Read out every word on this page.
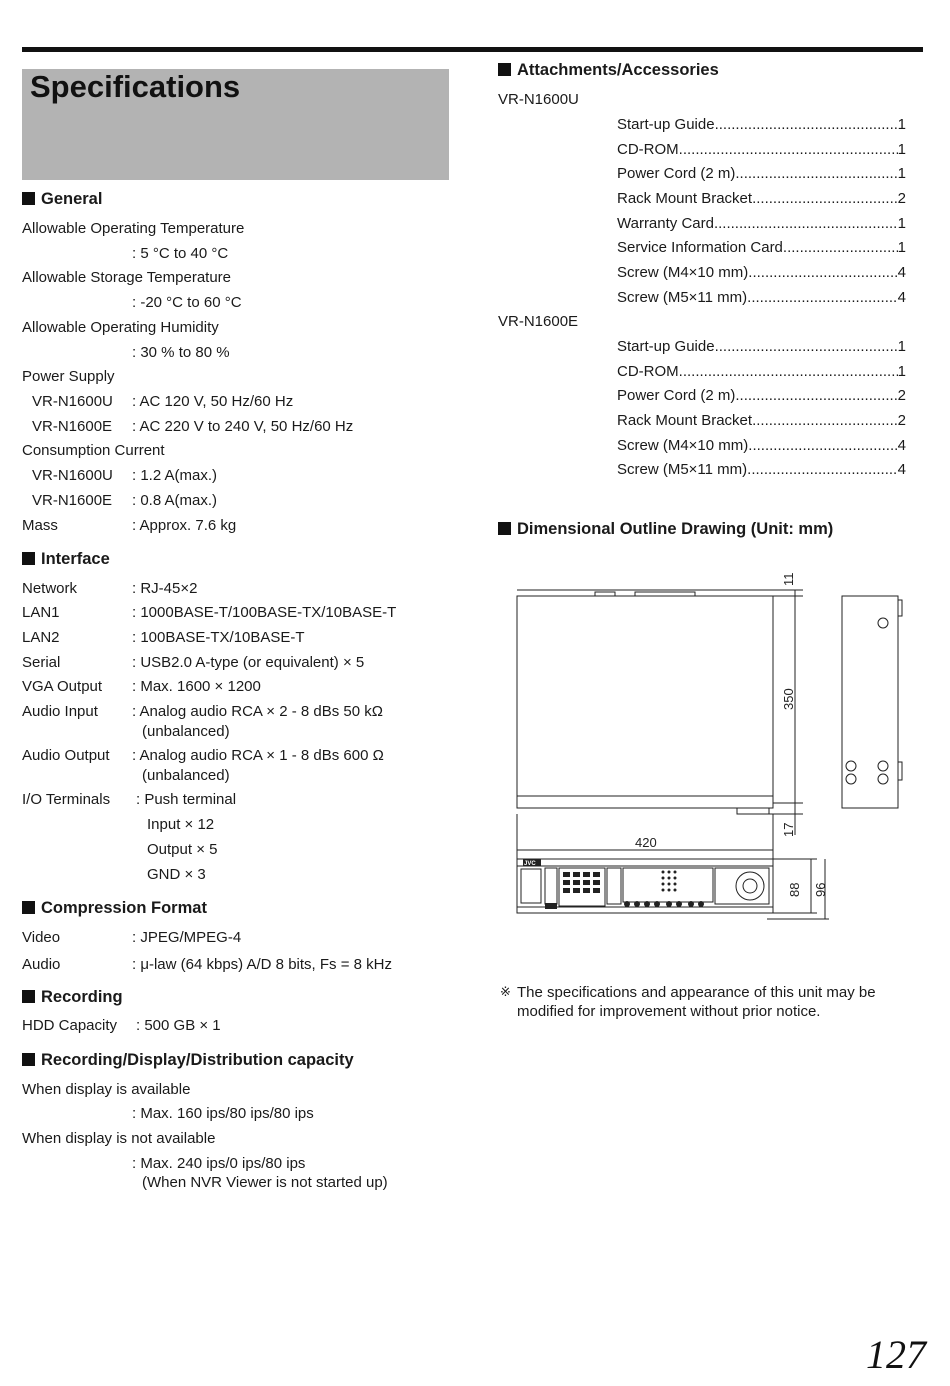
Specifications
General
Allowable Operating Temperature
: 5 °C to 40 °C
Allowable Storage Temperature
: -20 °C to 60 °C
Allowable Operating Humidity
: 30 % to 80 %
Power Supply
VR-N1600U : AC 120 V, 50 Hz/60 Hz
VR-N1600E : AC 220 V to 240 V, 50 Hz/60 Hz
Consumption Current
VR-N1600U : 1.2 A(max.)
VR-N1600E : 0.8 A(max.)
Mass	: Approx. 7.6 kg
Interface
Network	: RJ-45×2
LAN1	: 1000BASE-T/100BASE-TX/10BASE-T
LAN2	: 100BASE-TX/10BASE-T
Serial	: USB2.0 A-type (or equivalent) × 5
VGA Output : Max. 1600 × 1200
Audio Input : Analog audio RCA × 2 - 8 dBs 50 kΩ
(unbalanced)
Audio Output : Analog audio RCA × 1 - 8 dBs 600 Ω
(unbalanced)
I/O Terminals : Push terminal
Input × 12
Output × 5
GND × 3
Compression Format
Video	: JPEG/MPEG-4
Audio	: μ-law (64 kbps) A/D 8 bits, Fs = 8 kHz
Recording
HDD Capacity : 500 GB × 1
Recording/Display/Distribution capacity
When display is available
: Max. 160 ips/80 ips/80 ips
When display is not available
: Max. 240 ips/0 ips/80 ips
(When NVR Viewer is not started up)
Attachments/Accessories
VR-N1600U
Start-up Guide .....	1
CD-ROM .....	1
Power Cord (2 m) .....	1
Rack Mount Bracket .....	2
Warranty Card .....	1
Service Information Card .....	1
Screw (M4×10 mm) .....	4
Screw (M5×11 mm) .....	4
VR-N1600E
Start-up Guide .....	1
CD-ROM .....	1
Power Cord (2 m) .....	2
Rack Mount Bracket .....	2
Screw (M4×10 mm) .....	4
Screw (M5×11 mm) .....	4
Dimensional Outline Drawing (Unit: mm)
11
350
17
420
88 96
JVC
※ The specifications and appearance of this unit may be
modified for improvement without prior notice.
127
